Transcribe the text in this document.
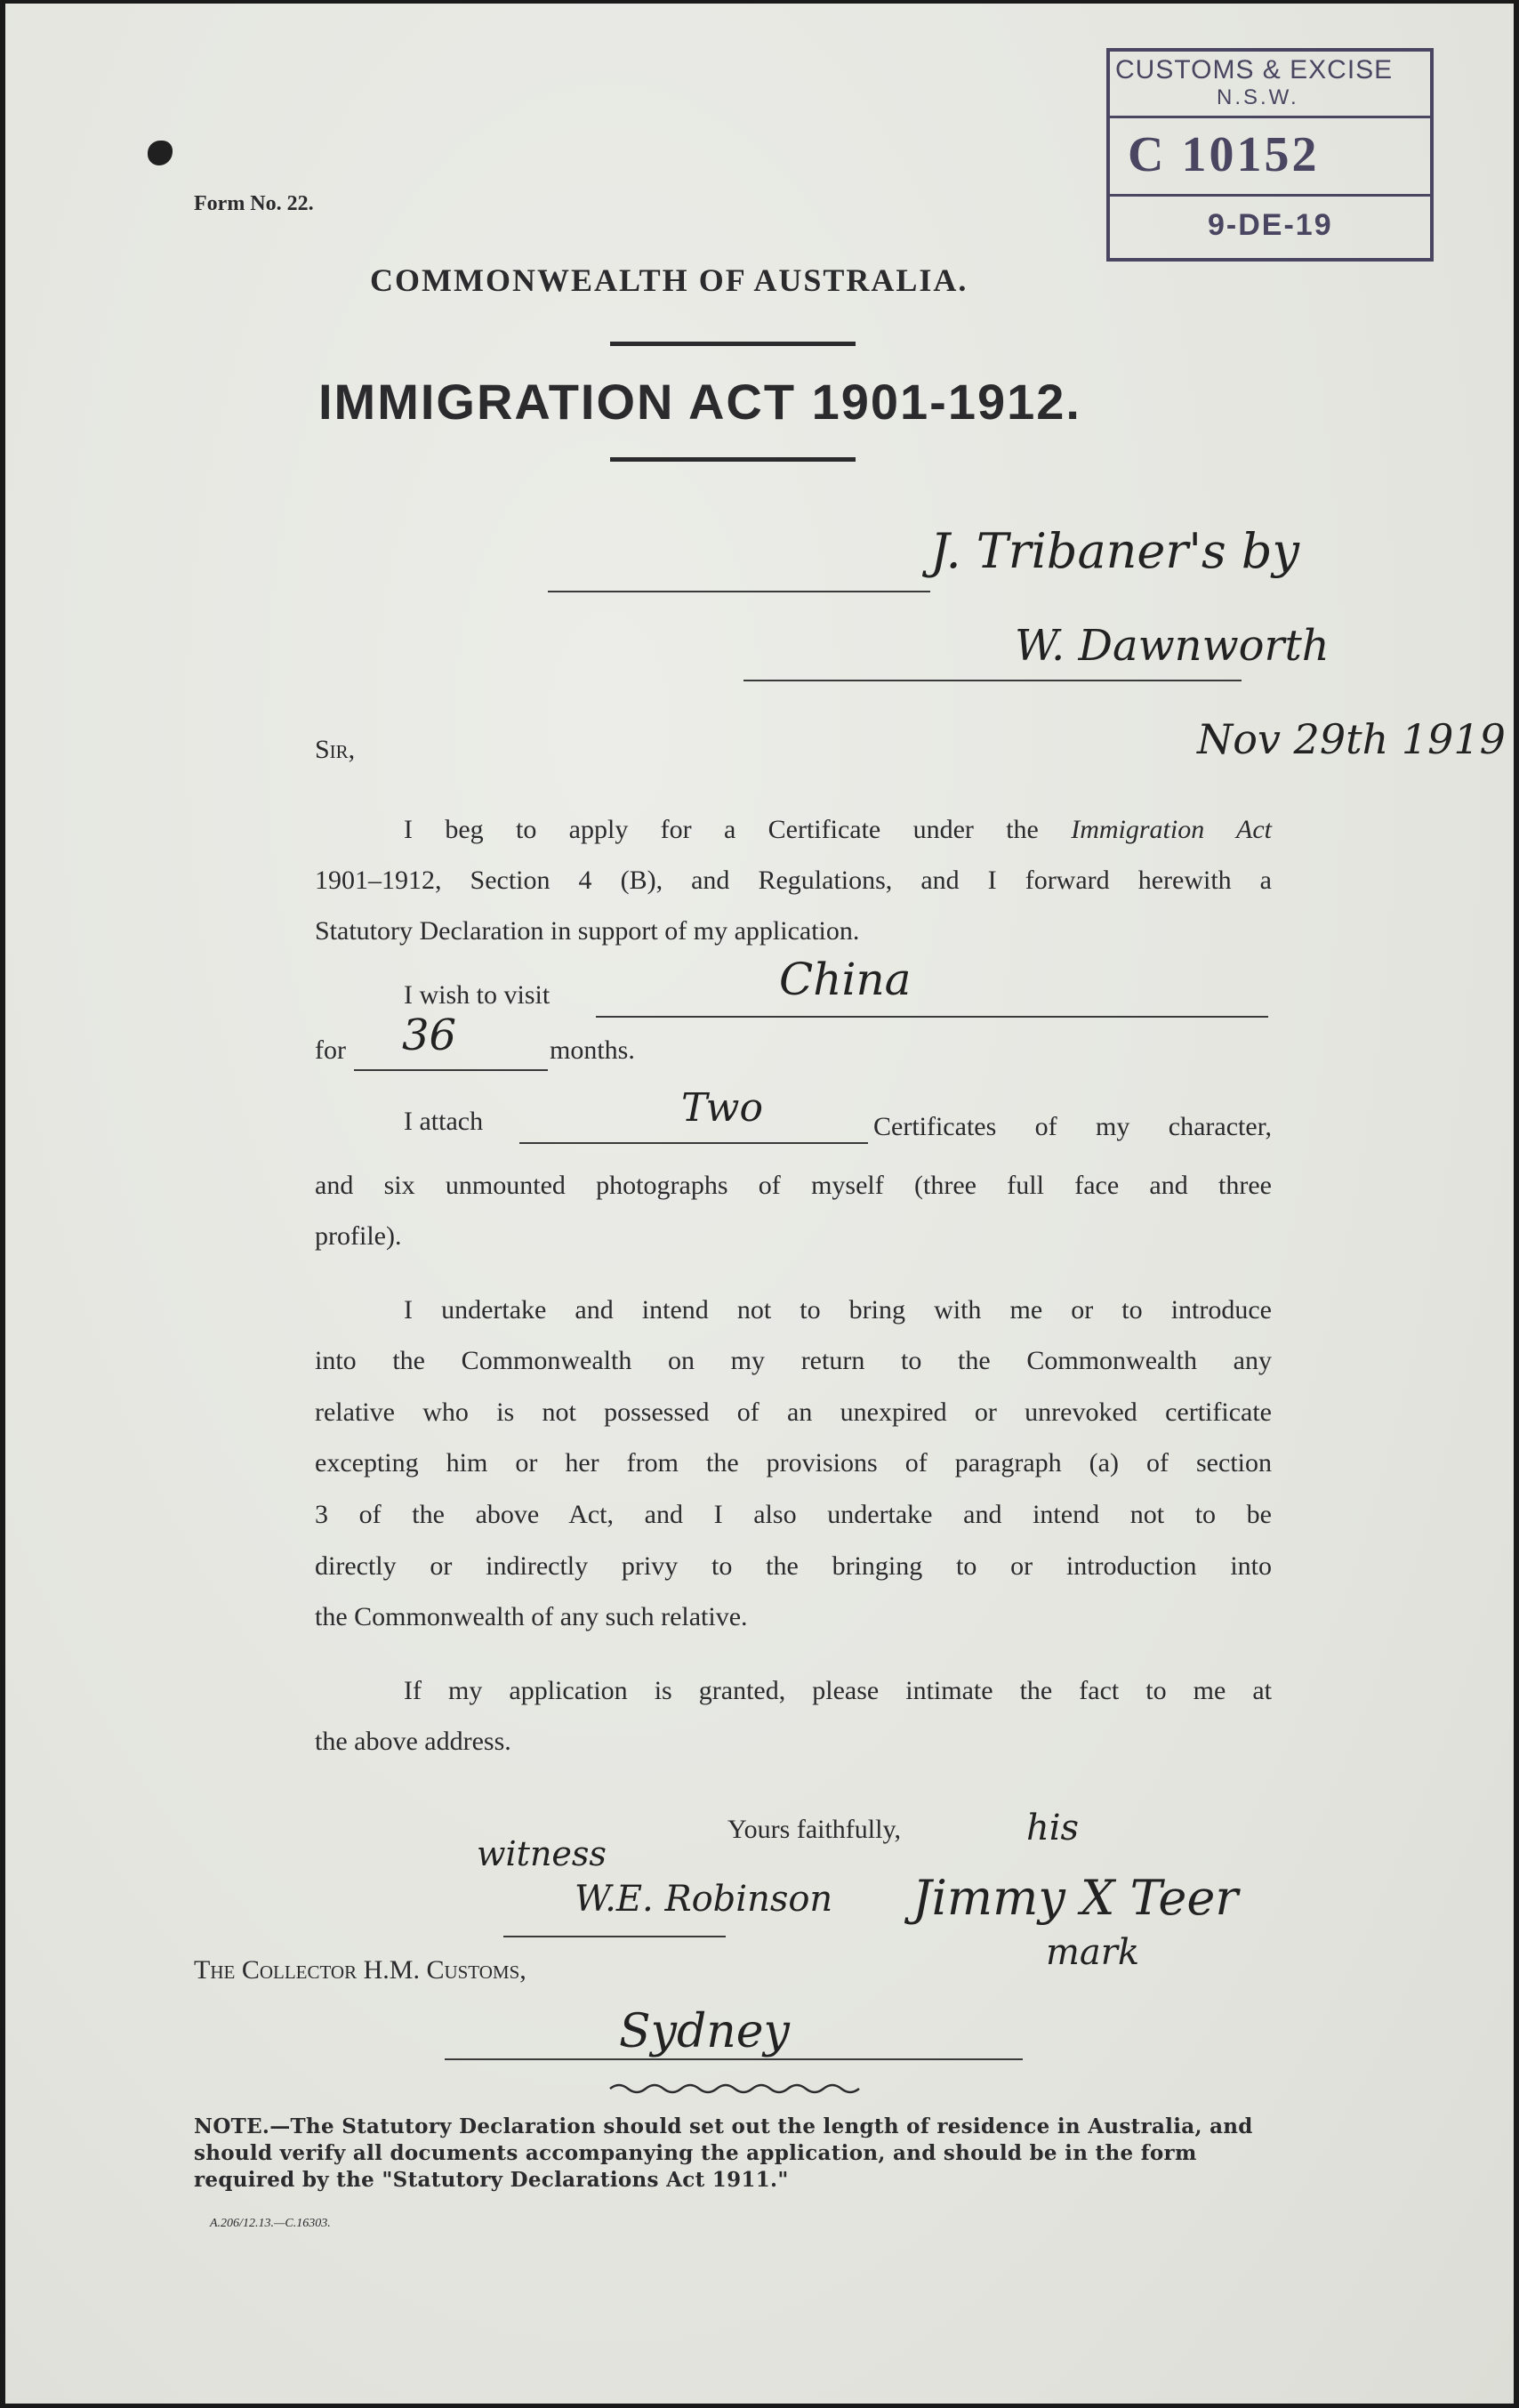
Form No. 22.
CUSTOMS & EXCISE
N.S.W.
C 10152
9-DE-19
COMMONWEALTH OF AUSTRALIA.
IMMIGRATION ACT 1901-1912.
J. Tribaner's by
W. Dawnworth
Nov 29th 1919
Sir,
I beg to apply for a Certificate under the Immigration Act
1901–1912, Section 4 (B), and Regulations, and I forward herewith a
Statutory Declaration in support of my application.
I wish to visit	China
for 36	months.
I attach	Two	Certificates of my character,
and six unmounted photographs of myself (three full face and three
profile).
I undertake and intend not to bring with me or to introduce
into the Commonwealth on my return to the Commonwealth any
relative who is not possessed of an unexpired or unrevoked certificate
excepting him or her from the provisions of paragraph (a) of section
3 of the above Act, and I also undertake and intend not to be
directly or indirectly privy to the bringing to or introduction into
the Commonwealth of any such relative.
If my application is granted, please intimate the fact to me at
the above address.
Yours faithfully,	his
witness
W.E. Robinson Jimmy X Teer
mark
The Collector H.M. Customs,
Sydney
NOTE.—The Statutory Declaration should set out the length of residence in Australia, and should verify all documents accompanying the application, and should be in the form required by the "Statutory Declarations Act 1911."
A.206/12.13.—C.16303.
